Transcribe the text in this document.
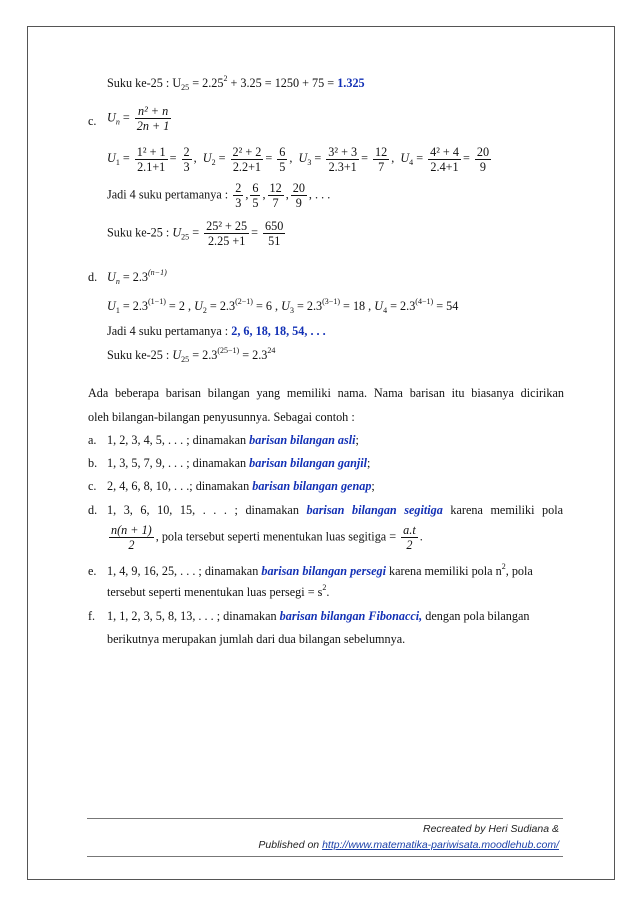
Suku ke-25 : $U_{25} = 2.25^2 + 3.25 = 1250 + 75 = 1.325$
c. $U_n = \frac{\text{n² + n}}{2n + 1}$
$U_1 = \frac{\text{1² + 1}}{2.1+1} = \frac{2}{3}$ , $U_2 = \frac{\text{2² + 2}}{2.2+1} = \frac{6}{5}$ , $U_3 = \frac{\text{3² + 3}}{2.3+1} = \frac{12}{7}$ , $U_4 = \frac{\text{4² + 4}}{2.4+1} = \frac{20}{9}$
Jadi 4 suku pertamanya : $\frac{2}{3}$ , $\frac{6}{5}$ , $\frac{12}{7}$ , $\frac{20}{9}$ , . . .
Suku ke-25 : $U_{25} = \frac{\text{25² + 25}}{2.25 +1} = \frac{650}{51}$
d. $U_n = 2.3^{(n-1)}$
$U_1 = 2.3^{(1-1)} = 2$ , $U_2 = 2.3^{(2-1)} = 6$ , $U_3 = 2.3^{(3-1)} = 18$ , $U_4 = 2.3^{(4-1)} = 54$
Jadi 4 suku pertamanya : 2, 6, 18, 18, 54, . . .
Suku ke-25 : $U_{25} = 2.3^{(25-1)} = 2.3^{24}$
Ada beberapa barisan bilangan yang memiliki nama. Nama barisan itu biasanya dicirikan
oleh bilangan-bilangan penyusunnya. Sebagai contoh :
a. 1, 2, 3, 4, 5, . . . ; dinamakan barisan bilangan asli;
b. 1, 3, 5, 7, 9, . . . ; dinamakan barisan bilangan ganjil;
c. 2, 4, 6, 8, 10, . . .; dinamakan barisan bilangan genap;
d. 1, 3, 6, 10, 15, . . . ; dinamakan barisan bilangan segitiga karena memiliki pola
$\frac{n(n + 1)}{2}$ , pola tersebut seperti menentukan luas segitiga = $\frac{a.t}{2}$ .
e. 1, 4, 9, 16, 25, . . . ; dinamakan barisan bilangan persegi karena memiliki pola $n^2$, pola
tersebut seperti menentukan luas persegi = $s^2$.
f. 1, 1, 2, 3, 5, 8, 13, . . . ; dinamakan barisan bilangan Fibonacci, dengan pola bilangan
berikutnya merupakan jumlah dari dua bilangan sebelumnya.
Recreated by Heri Sudiana &
Published on http://www.matematika-pariwisata.moodlehub.com/
